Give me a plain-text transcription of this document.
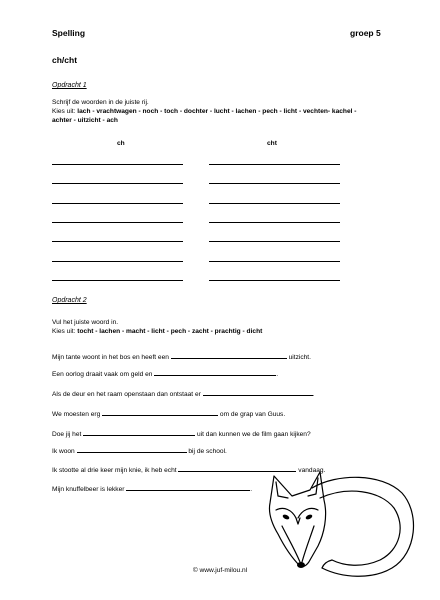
Spelling	groep 5
ch/cht
Opdracht 1
Schrijf de woorden in de juiste rij.
Kies uit: lach - vrachtwagen - noch - toch - dochter - lucht - lachen - pech - licht - vechten- kachel -
achter - uitzicht - ach
ch	cht
Opdracht 2
Vul het juiste woord in.
Kies uit: tocht - lachen - macht - licht - pech - zacht - prachtig - dicht
Mijn tante woont in het bos en heeft een	uitzicht.
Een oorlog draait vaak om geld en	.
Als de deur en het raam openstaan dan ontstaat er	.
We moesten erg	om de grap van Guus.
Doe jij het	uit dan kunnen we de film gaan kijken?
Ik woon	bij de school.
Ik stootte al drie keer mijn knie, ik heb echt	vandaag.
Mijn knuffelbeer is lekker	.
© www.juf-milou.nl
